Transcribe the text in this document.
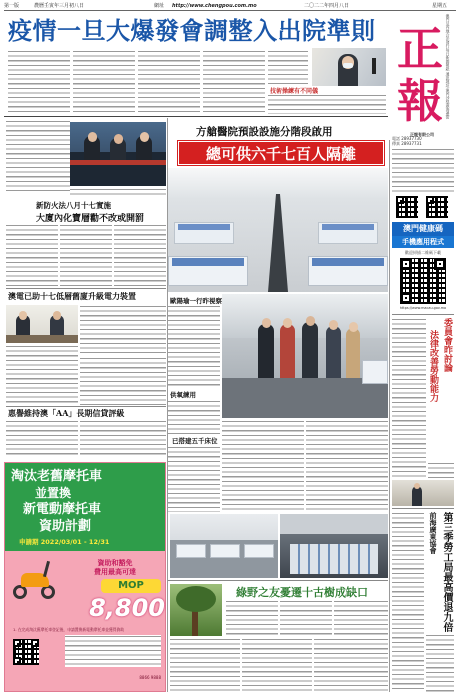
第一版	農曆壬寅年三月初八日	網址 http://www.chengpou.com.mo	二〇二二年四月八日	星期五
疫情一旦大爆發會調整入出院準則
技術操練有不同儀	澳門及內地合法發行每日新聞報紙 通訊地址 澳門沙梨頭海邊街
正
報
正報有限公司
電話 28937730
傳真 28937731
新防火法八月十七實施
大廈內化寶層勸不改或開罰
澳電已助十七低層舊廈升級電力裝置
惠譽維持澳「AA」長期信貸評級
方艙醫院預設設施分階段啟用
總可供六千七百人隔離
歐陽瑜一行昨視察
供氧練用
已搭建五千床位
澳門健康碼
手機應用程式
歡迎掃描二維碼下載
https://www.macau.gov.mo
委員會昨討論
法律改善勞動能力
第三季勞工局最高價退九倍
前海廣東協會
淘汰老舊摩托車
並置換
新電動摩托車
資助計劃
申請期 2022/03/01 - 12/31
資助和豁免
費用最高可達
MOP
8,800
1. 在完成淘汰舊摩托車登記後，申請置換新電動摩托車並獲得資助
8866 9888
綠野之友憂遷十古樹成缺口
